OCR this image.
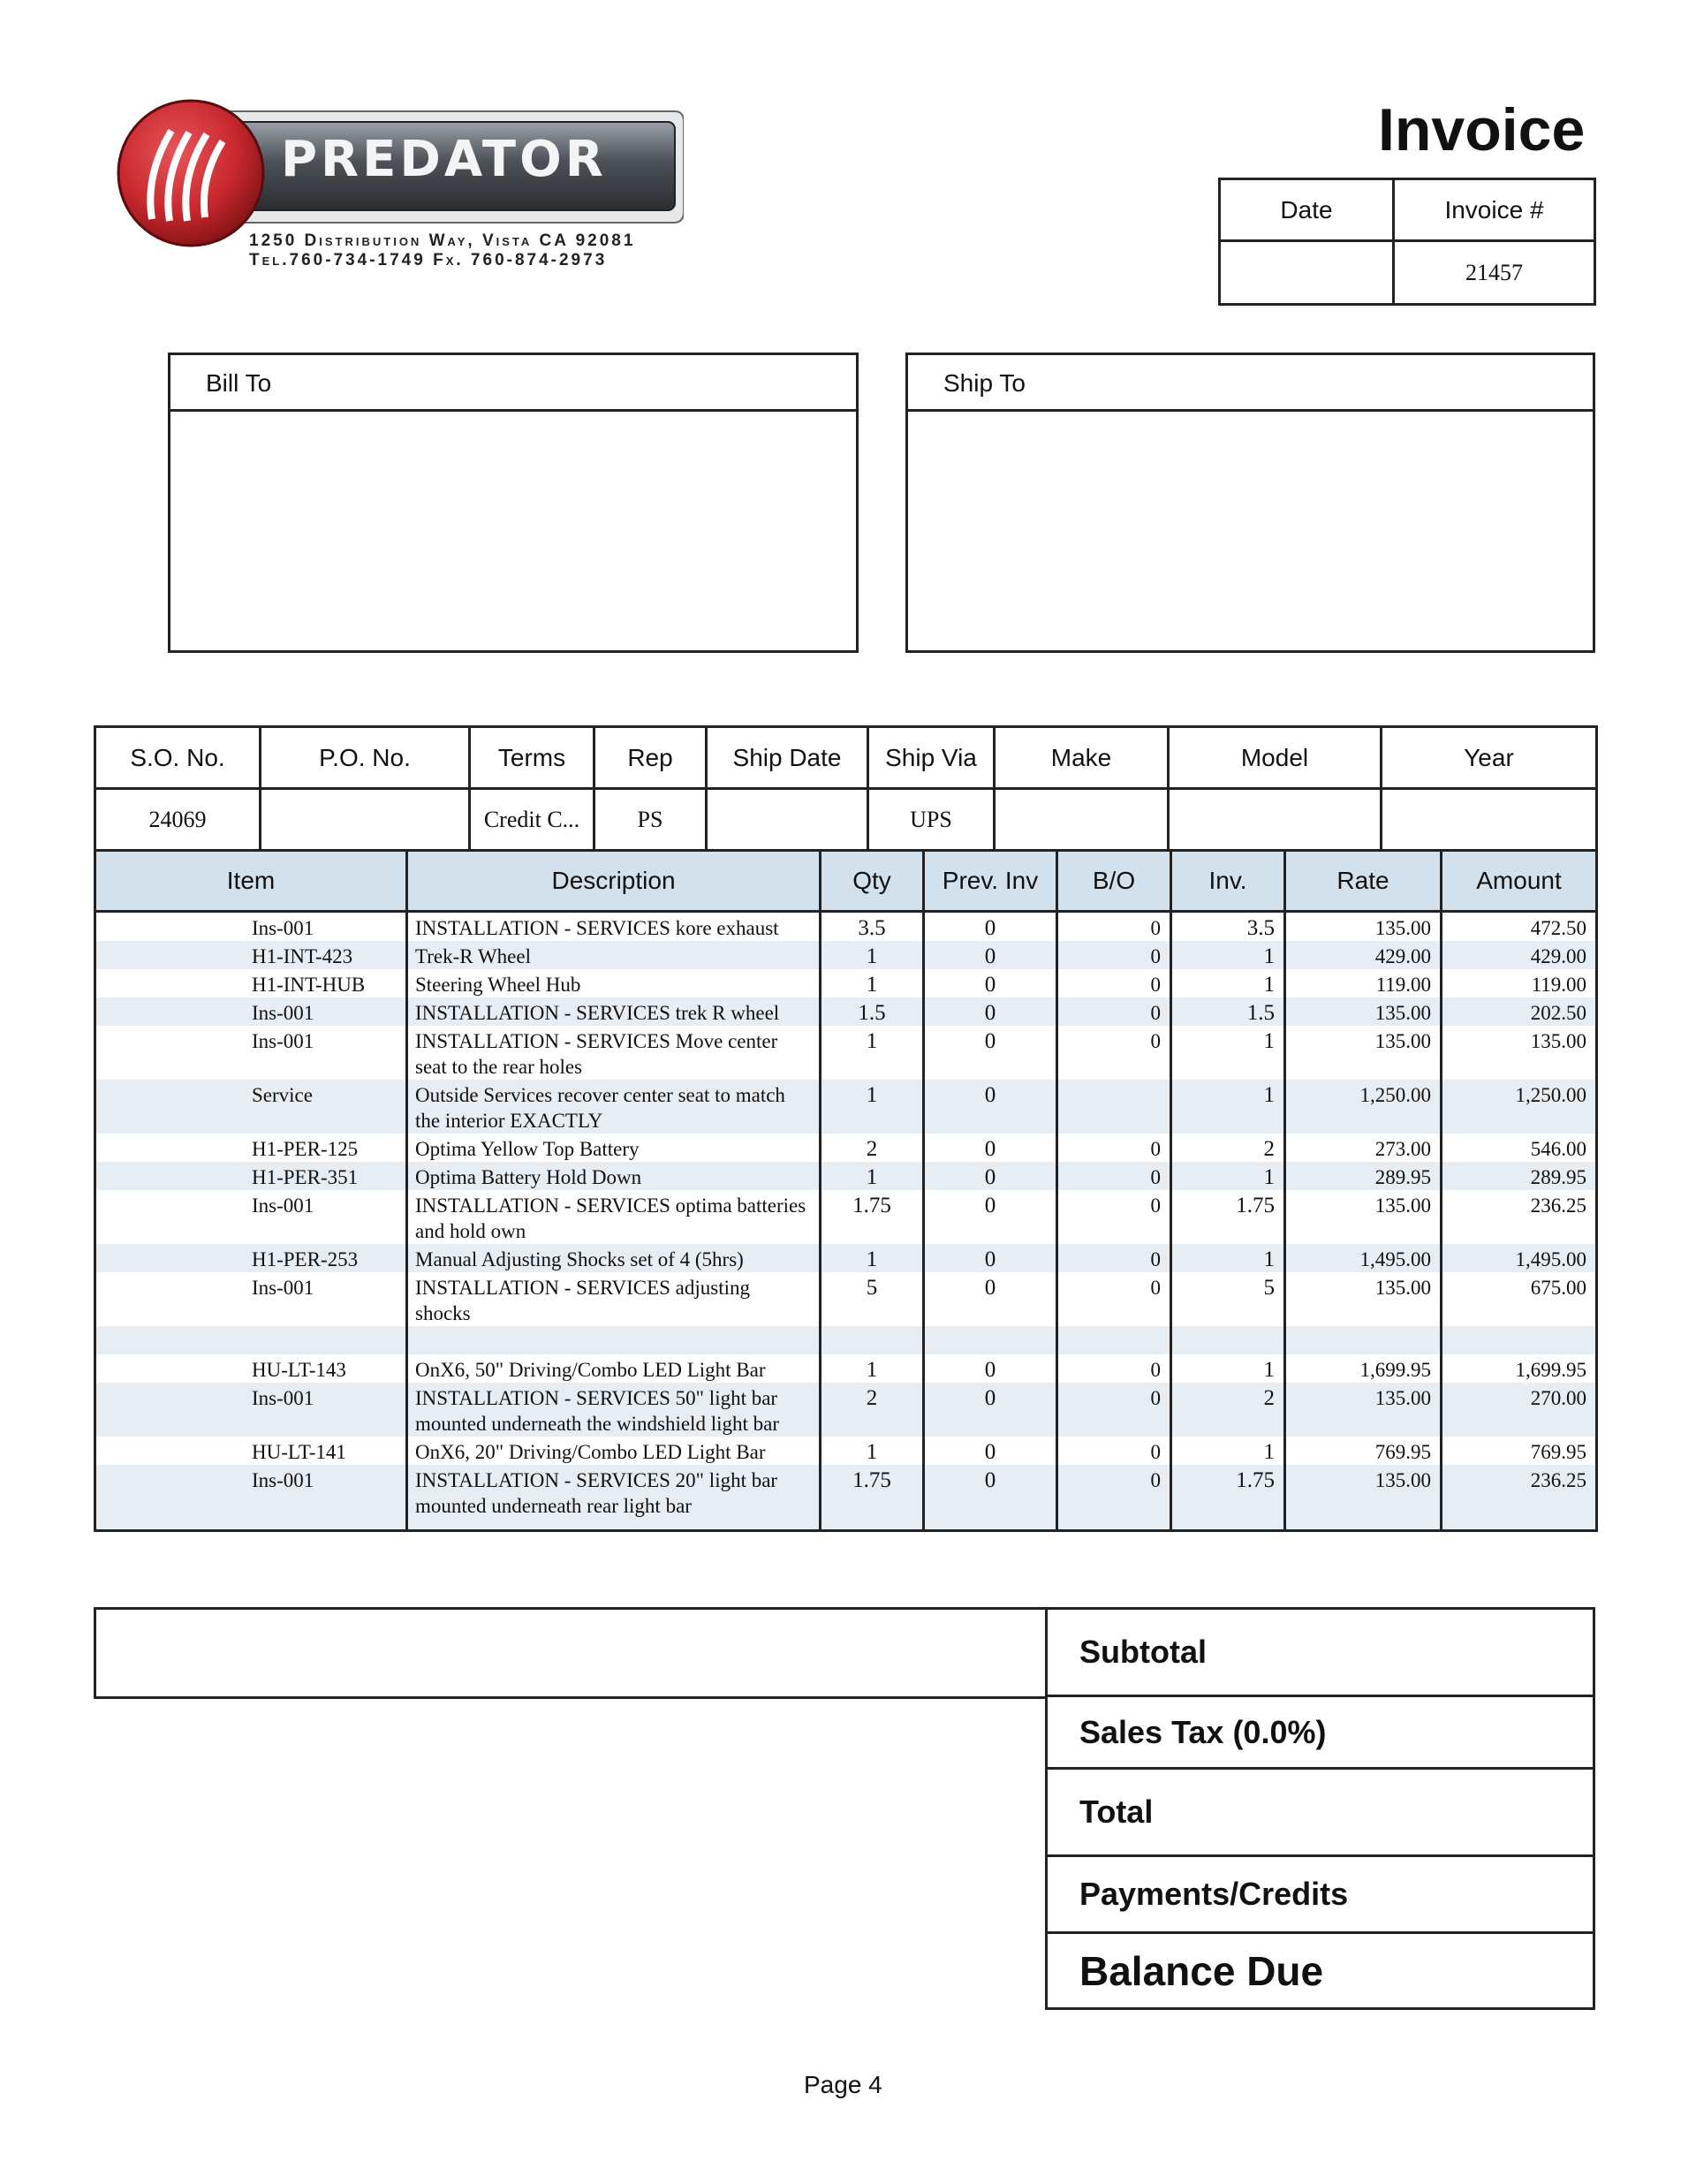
PREDATOR
1250 Distribution Way, Vista CA 92081
Tel.760-734-1749 Fx. 760-874-2973
Invoice
Date	Invoice #
	21457
Bill To	Ship To
S.O. No.	P.O. No.	Terms	Rep	Ship Date	Ship Via	Make	Model	Year
24069		Credit C...	PS		UPS			
Item	Description	Qty	Prev. Inv	B/O	Inv.	Rate	Amount
Ins-001	INSTALLATION - SERVICES kore exhaust	3.5	0	0	3.5	135.00	472.50
H1-INT-423	Trek-R Wheel	1	0	0	1	429.00	429.00
H1-INT-HUB	Steering Wheel Hub	1	0	0	1	119.00	119.00
Ins-001	INSTALLATION - SERVICES trek R wheel	1.5	0	0	1.5	135.00	202.50
Ins-001	INSTALLATION - SERVICES Move center seat to the rear holes	1	0	0	1	135.00	135.00
Service	Outside Services recover center seat to match the interior EXACTLY	1	0		1	1,250.00	1,250.00
H1-PER-125	Optima Yellow Top Battery	2	0	0	2	273.00	546.00
H1-PER-351	Optima Battery Hold Down	1	0	0	1	289.95	289.95
Ins-001	INSTALLATION - SERVICES optima batteries and hold own	1.75	0	0	1.75	135.00	236.25
H1-PER-253	Manual Adjusting Shocks set of 4 (5hrs)	1	0	0	1	1,495.00	1,495.00
Ins-001	INSTALLATION - SERVICES adjusting shocks	5	0	0	5	135.00	675.00

HU-LT-143	OnX6, 50" Driving/Combo LED Light Bar	1	0	0	1	1,699.95	1,699.95
Ins-001	INSTALLATION - SERVICES 50" light bar mounted underneath the windshield light bar	2	0	0	2	135.00	270.00
HU-LT-141	OnX6, 20" Driving/Combo LED Light Bar	1	0	0	1	769.95	769.95
Ins-001	INSTALLATION - SERVICES 20" light bar mounted underneath rear light bar	1.75	0	0	1.75	135.00	236.25
Subtotal
Sales Tax (0.0%)
Total
Payments/Credits
Balance Due
Page 4
